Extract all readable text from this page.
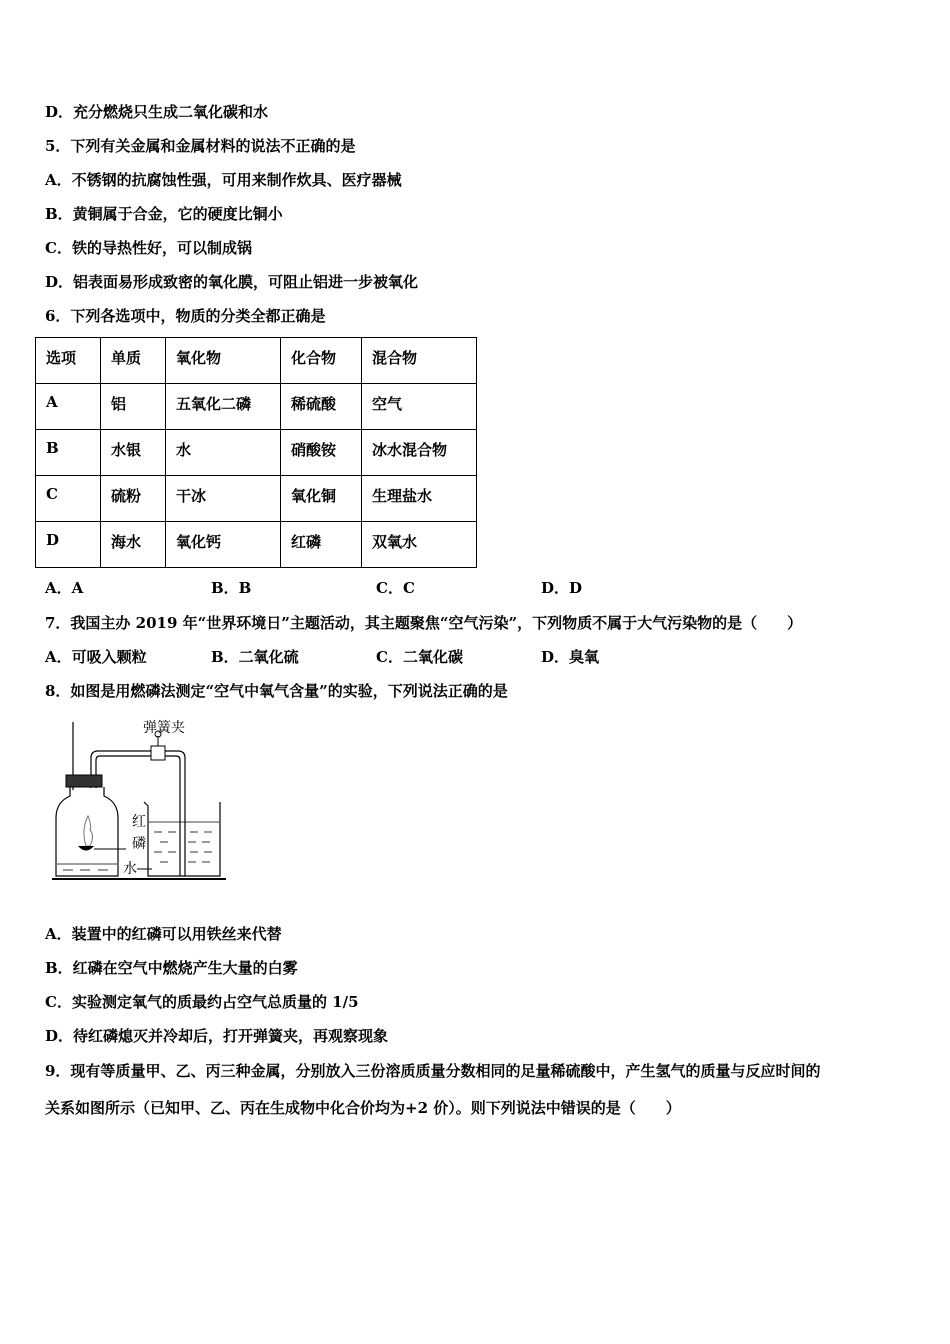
D．充分燃烧只生成二氧化碳和水
5．下列有关金属和金属材料的说法不正确的是
A．不锈钢的抗腐蚀性强，可用来制作炊具、医疗器械
B．黄铜属于合金，它的硬度比铜小
C．铁的导热性好，可以制成锅
D．铝表面易形成致密的氧化膜，可阻止铝进一步被氧化
6．下列各选项中，物质的分类全都正确是
选项	单质	氧化物	化合物	混合物
A	铝	五氧化二磷	稀硫酸	空气
B	水银	水	硝酸铵	冰水混合物
C	硫粉	干冰	氧化铜	生理盐水
D	海水	氧化钙	红磷	双氧水
A．A	B．B	C．C	D．D
7．我国主办 2019 年“世界环境日”主题活动，其主题聚焦“空气污染”，下列物质不属于大气污染物的是（　　）
A．可吸入颗粒	B．二氧化硫	C．二氧化碳	D．臭氧
8．如图是用燃磷法测定“空气中氧气含量”的实验，下列说法正确的是
弹簧夹
红
磷
水
A．装置中的红磷可以用铁丝来代替
B．红磷在空气中燃烧产生大量的白雾
C．实验测定氧气的质最约占空气总质量的 1/5
D．待红磷熄灭并冷却后，打开弹簧夹，再观察现象
9．现有等质量甲、乙、丙三种金属，分别放入三份溶质质量分数相同的足量稀硫酸中，产生氢气的质量与反应时间的
关系如图所示（已知甲、乙、丙在生成物中化合价均为+2 价）。则下列说法中错误的是（　　）
